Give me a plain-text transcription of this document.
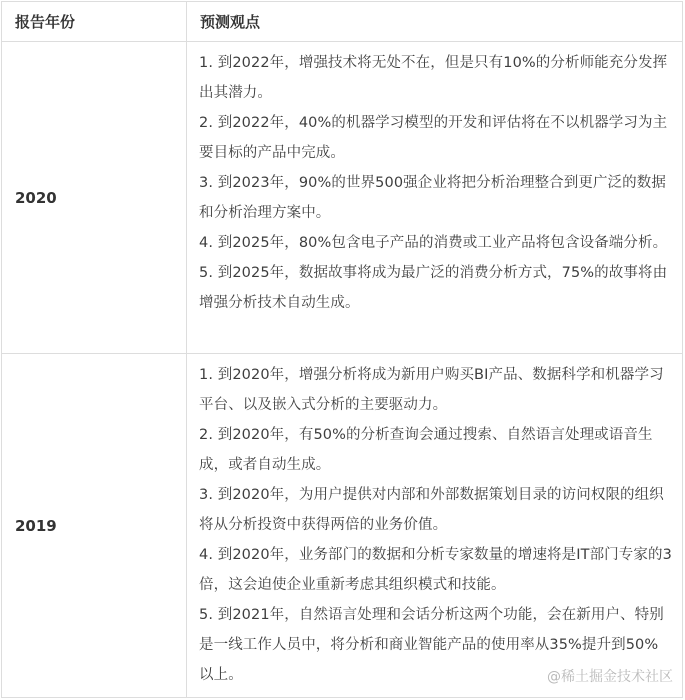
报告年份	预测观点
2020	1. 到2022年，增强技术将无处不在，但是只有10%的分析师能充分发挥出其潜力。
2. 到2022年，40%的机器学习模型的开发和评估将在不以机器学习为主要目标的产品中完成。
3. 到2023年，90%的世界500强企业将把分析治理整合到更广泛的数据和分析治理方案中。
4. 到2025年，80%包含电子产品的消费或工业产品将包含设备端分析。
5. 到2025年，数据故事将成为最广泛的消费分析方式，75%的故事将由增强分析技术自动生成。

2019	1. 到2020年，增强分析将成为新用户购买BI产品、数据科学和机器学习平台、以及嵌入式分析的主要驱动力。
2. 到2020年，有50%的分析查询会通过搜索、自然语言处理或语音生成，或者自动生成。
3. 到2020年，为用户提供对内部和外部数据策划目录的访问权限的组织将从分析投资中获得两倍的业务价值。
4. 到2020年，业务部门的数据和分析专家数量的增速将是IT部门专家的3倍，这会迫使企业重新考虑其组织模式和技能。
5. 到2021年，自然语言处理和会话分析这两个功能，会在新用户、特别是一线工作人员中，将分析和商业智能产品的使用率从35%提升到50%以上。	@稀土掘金技术社区
